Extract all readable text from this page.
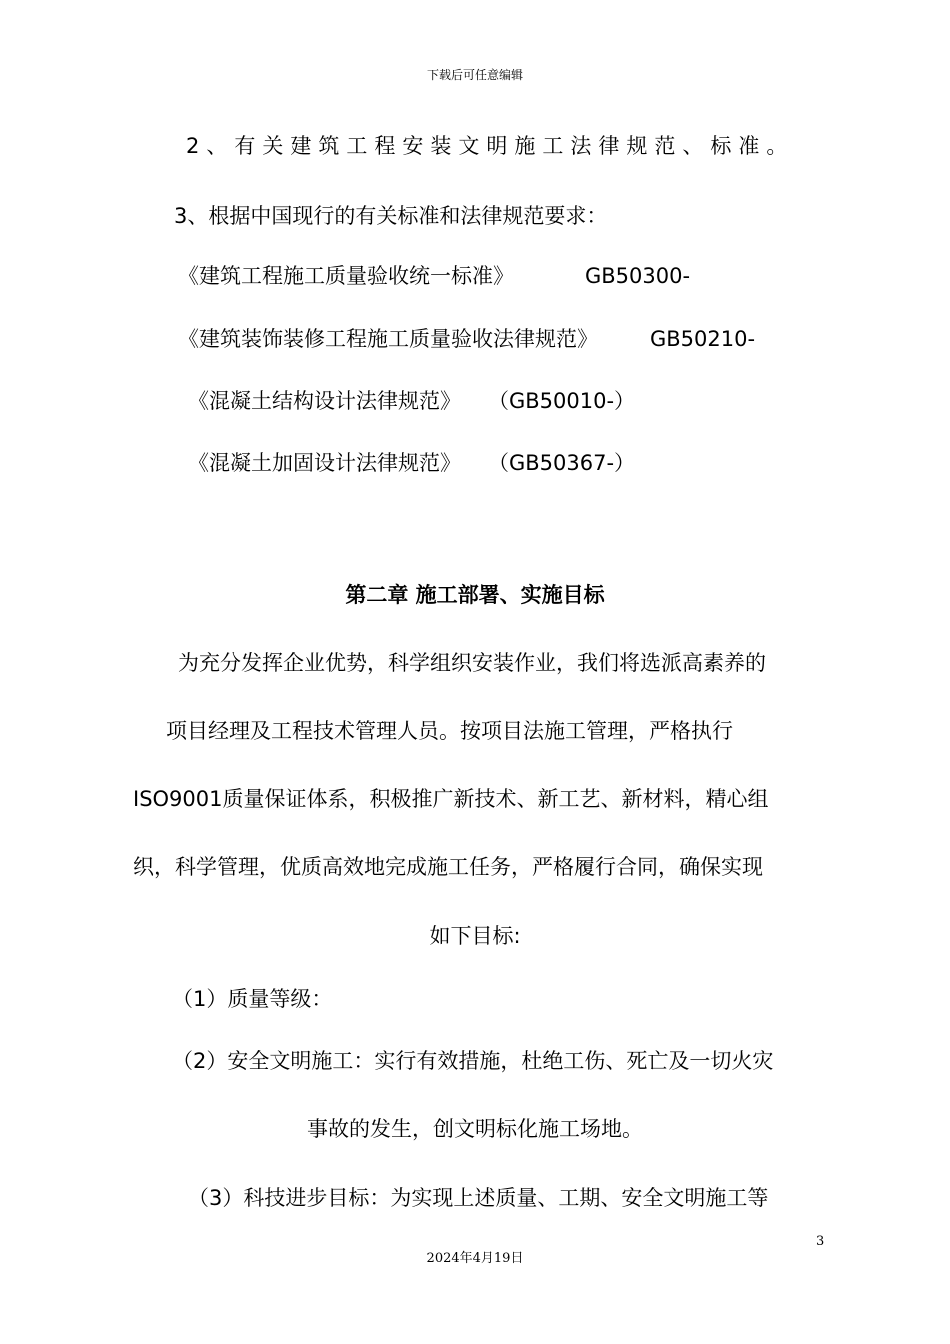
下载后可任意编辑
2、有关建筑工程安装文明施工法律规范、标准。
3、根据中国现行的有关标准和法律规范要求：
《建筑工程施工质量验收统一标准》	GB50300-
《建筑装饰装修工程施工质量验收法律规范》 GB50210-
《混凝土结构设计法律规范》 （GB50010-）
《混凝土加固设计法律规范》 （GB50367-）
第二章 施工部署、实施目标
为充分发挥企业优势，科学组织安装作业，我们将选派高素养的
项目经理及工程技术管理人员。按项目法施工管理，严格执行
ISO9001质量保证体系，积极推广新技术、新工艺、新材料，精心组
织，科学管理，优质高效地完成施工任务，严格履行合同，确保实现
如下目标:
（1）质量等级：
（2）安全文明施工：实行有效措施，杜绝工伤、死亡及一切火灾
事故的发生，创文明标化施工场地。
（3）科技进步目标：为实现上述质量、工期、安全文明施工等
3
2024年4月19日
